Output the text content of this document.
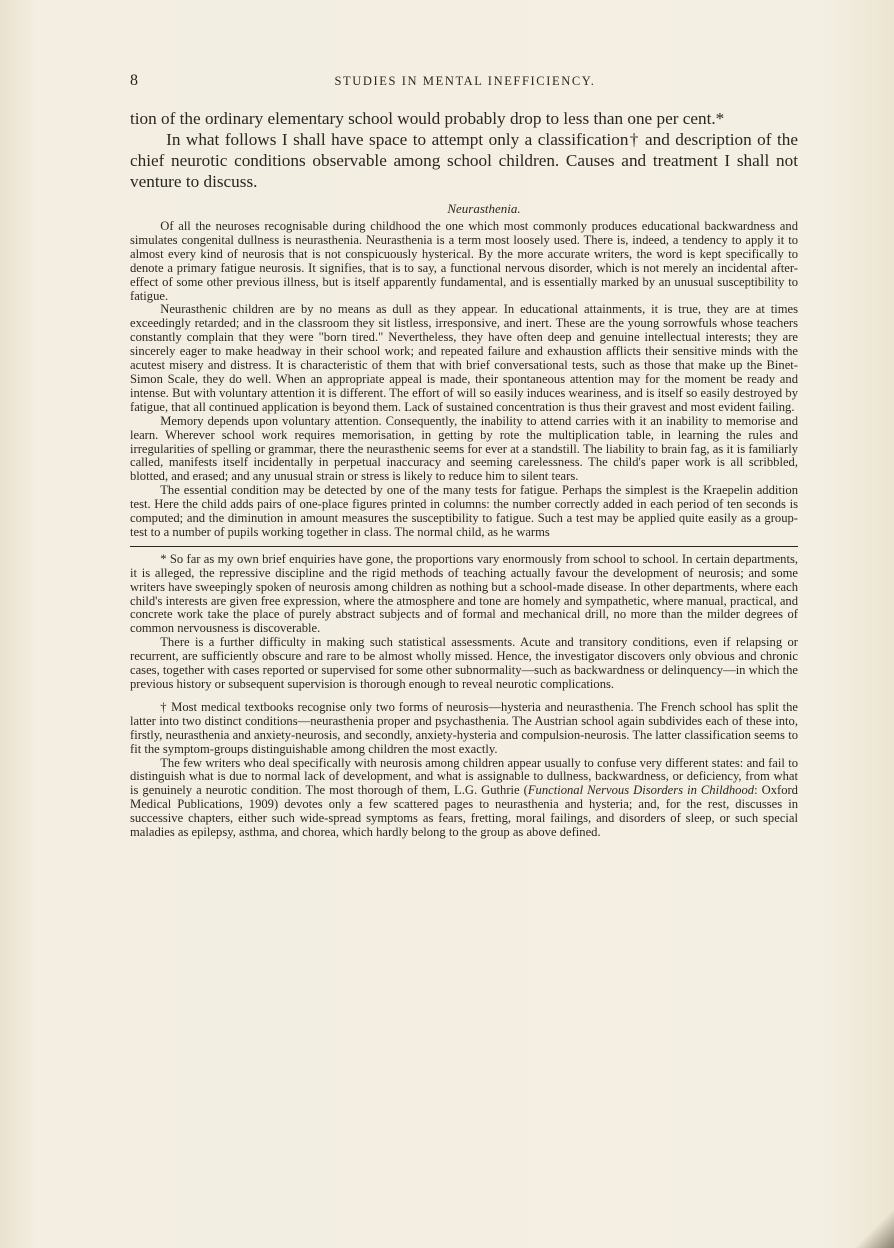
8	STUDIES IN MENTAL INEFFICIENCY.

tion of the ordinary elementary school would probably drop to less than one per cent.*

In what follows I shall have space to attempt only a classification† and description of the chief neurotic conditions observable among school children. Causes and treatment I shall not venture to discuss.

Neurasthenia.

Of all the neuroses recognisable during childhood the one which most commonly produces educational backwardness and simulates congenital dullness is neurasthenia. Neurasthenia is a term most loosely used. There is, indeed, a tendency to apply it to almost every kind of neurosis that is not conspicuously hysterical. By the more accurate writers, the word is kept specifically to denote a primary fatigue neurosis. It signifies, that is to say, a functional nervous disorder, which is not merely an incidental after-effect of some other previous illness, but is itself apparently fundamental, and is essentially marked by an unusual susceptibility to fatigue.

Neurasthenic children are by no means as dull as they appear. In educational attainments, it is true, they are at times exceedingly retarded; and in the classroom they sit listless, irresponsive, and inert. These are the young sorrowfuls whose teachers constantly complain that they were "born tired." Nevertheless, they have often deep and genuine intellectual interests; they are sincerely eager to make headway in their school work; and repeated failure and exhaustion afflicts their sensitive minds with the acutest misery and distress. It is characteristic of them that with brief conversational tests, such as those that make up the Binet-Simon Scale, they do well. When an appropriate appeal is made, their spontaneous attention may for the moment be ready and intense. But with voluntary attention it is different. The effort of will so easily induces weariness, and is itself so easily destroyed by fatigue, that all continued application is beyond them. Lack of sustained concentration is thus their gravest and most evident failing.

Memory depends upon voluntary attention. Consequently, the inability to attend carries with it an inability to memorise and learn. Wherever school work requires memorisation, in getting by rote the multiplication table, in learning the rules and irregularities of spelling or grammar, there the neurasthenic seems for ever at a standstill. The liability to brain fag, as it is familiarly called, manifests itself incidentally in perpetual inaccuracy and seeming carelessness. The child's paper work is all scribbled, blotted, and erased; and any unusual strain or stress is likely to reduce him to silent tears.

The essential condition may be detected by one of the many tests for fatigue. Perhaps the simplest is the Kraepelin addition test. Here the child adds pairs of one-place figures printed in columns: the number correctly added in each period of ten seconds is computed; and the diminution in amount measures the susceptibility to fatigue. Such a test may be applied quite easily as a group-test to a number of pupils working together in class. The normal child, as he warms

* So far as my own brief enquiries have gone, the proportions vary enormously from school to school. In certain departments, it is alleged, the repressive discipline and the rigid methods of teaching actually favour the development of neurosis; and some writers have sweepingly spoken of neurosis among children as nothing but a school-made disease. In other departments, where each child's interests are given free expression, where the atmosphere and tone are homely and sympathetic, where manual, practical, and concrete work take the place of purely abstract subjects and of formal and mechanical drill, no more than the milder degrees of common nervousness is discoverable.

There is a further difficulty in making such statistical assessments. Acute and transitory conditions, even if relapsing or recurrent, are sufficiently obscure and rare to be almost wholly missed. Hence, the investigator discovers only obvious and chronic cases, together with cases reported or supervised for some other subnormality—such as backwardness or delinquency—in which the previous history or subsequent supervision is thorough enough to reveal neurotic complications.

† Most medical textbooks recognise only two forms of neurosis—hysteria and neurasthenia. The French school has split the latter into two distinct conditions—neurasthenia proper and psychasthenia. The Austrian school again subdivides each of these into, firstly, neurasthenia and anxiety-neurosis, and secondly, anxiety-hysteria and compulsion-neurosis. The latter classification seems to fit the symptom-groups distinguishable among children the most exactly.

The few writers who deal specifically with neurosis among children appear usually to confuse very different states: and fail to distinguish what is due to normal lack of development, and what is assignable to dullness, backwardness, or deficiency, from what is genuinely a neurotic condition. The most thorough of them, L.G. Guthrie (Functional Nervous Disorders in Childhood: Oxford Medical Publications, 1909) devotes only a few scattered pages to neurasthenia and hysteria; and, for the rest, discusses in successive chapters, either such wide-spread symptoms as fears, fretting, moral failings, and disorders of sleep, or such special maladies as epilepsy, asthma, and chorea, which hardly belong to the group as above defined.
